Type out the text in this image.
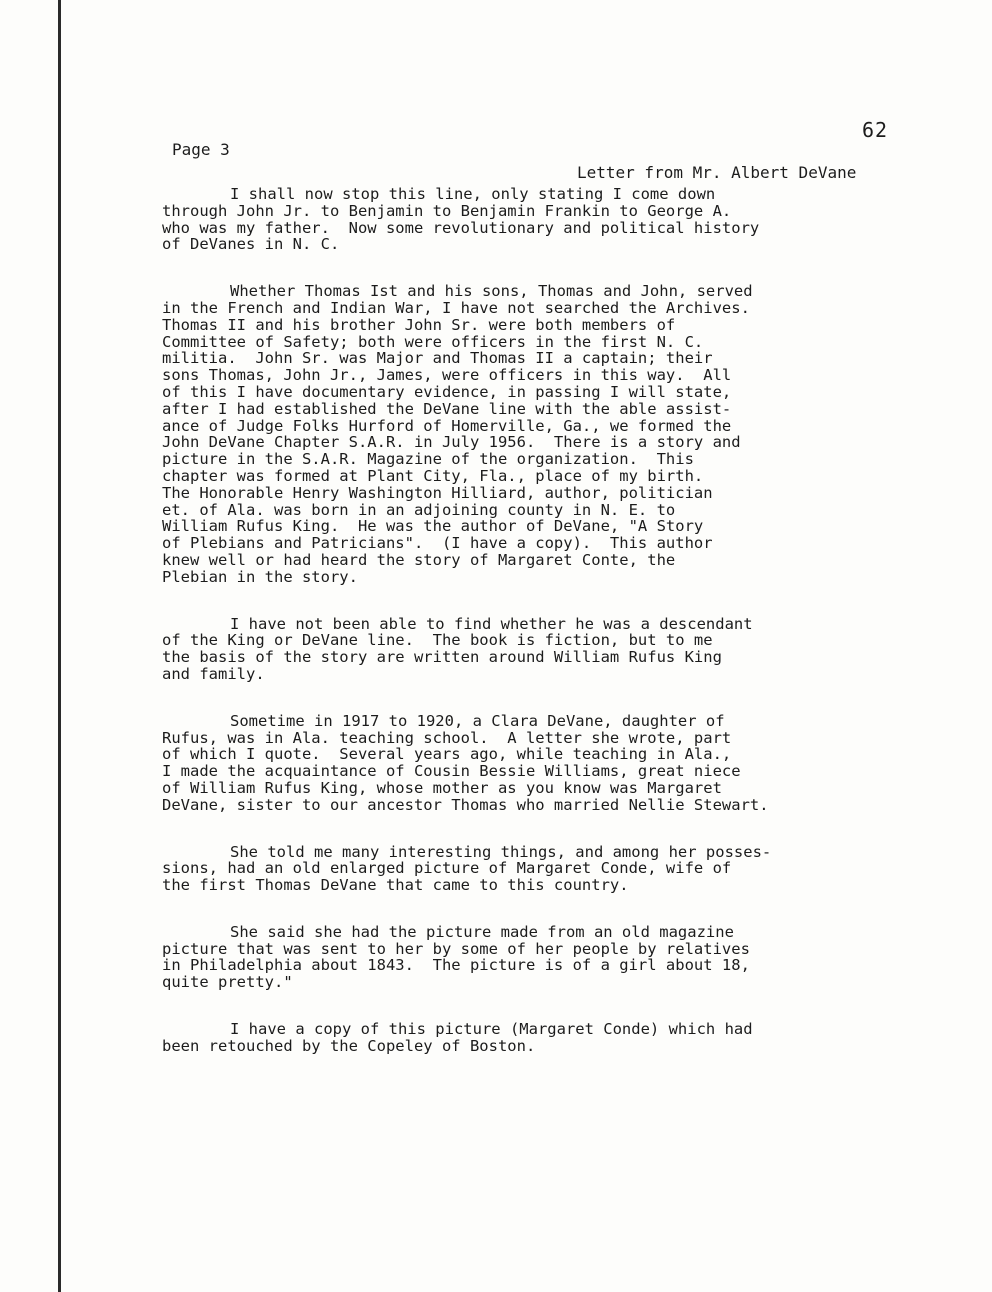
62
Page 3
Letter from Mr. Albert DeVane

I shall now stop this line, only stating I come down
through John Jr. to Benjamin to Benjamin Frankin to George A.
who was my father.  Now some revolutionary and political history
of DeVanes in N. C.

Whether Thomas Ist and his sons, Thomas and John, served
in the French and Indian War, I have not searched the Archives.
Thomas II and his brother John Sr. were both members of
Committee of Safety; both were officers in the first N. C.
militia.  John Sr. was Major and Thomas II a captain; their
sons Thomas, John Jr., James, were officers in this way.  All
of this I have documentary evidence, in passing I will state,
after I had established the DeVane line with the able assist-
ance of Judge Folks Hurford of Homerville, Ga., we formed the
John DeVane Chapter S.A.R. in July 1956.  There is a story and
picture in the S.A.R. Magazine of the organization.  This
chapter was formed at Plant City, Fla., place of my birth.
The Honorable Henry Washington Hilliard, author, politician
et. of Ala. was born in an adjoining county in N. E. to
William Rufus King.  He was the author of DeVane, "A Story
of Plebians and Patricians".  (I have a copy).  This author
knew well or had heard the story of Margaret Conte, the
Plebian in the story.

I have not been able to find whether he was a descendant
of the King or DeVane line.  The book is fiction, but to me
the basis of the story are written around William Rufus King
and family.

Sometime in 1917 to 1920, a Clara DeVane, daughter of
Rufus, was in Ala. teaching school.  A letter she wrote, part
of which I quote.  Several years ago, while teaching in Ala.,
I made the acquaintance of Cousin Bessie Williams, great niece
of William Rufus King, whose mother as you know was Margaret
DeVane, sister to our ancestor Thomas who married Nellie Stewart.

She told me many interesting things, and among her posses-
sions, had an old enlarged picture of Margaret Conde, wife of
the first Thomas DeVane that came to this country.

She said she had the picture made from an old magazine
picture that was sent to her by some of her people by relatives
in Philadelphia about 1843.  The picture is of a girl about 18,
quite pretty."

I have a copy of this picture (Margaret Conde) which had
been retouched by the Copeley of Boston.
